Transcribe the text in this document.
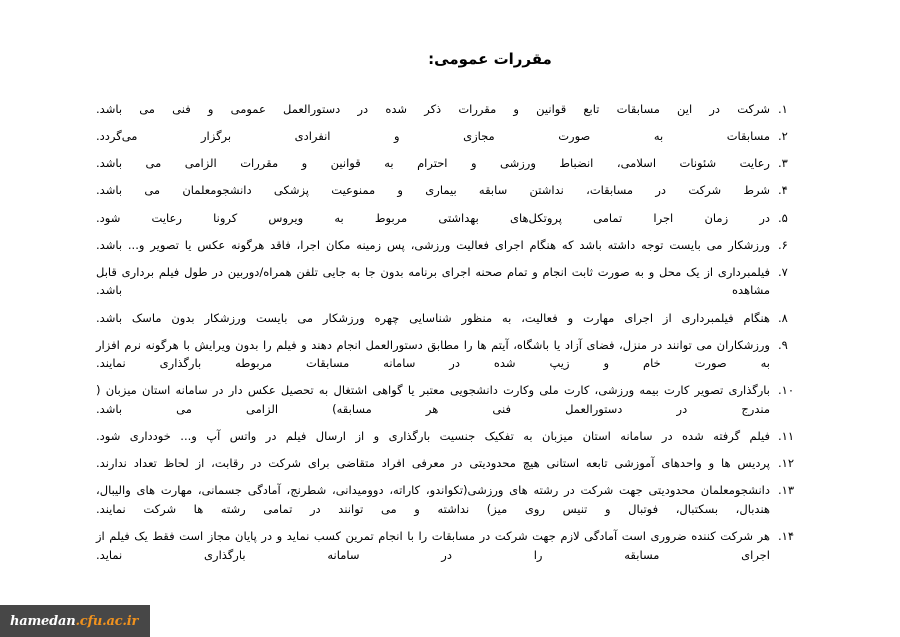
مقررات عمومی:
۱.
شرکت در این مسابقات تابع قوانین و مقررات ذکر شده در دستورالعمل عمومی و فنی می باشد.
۲.
مسابقات به صورت مجازی و انفرادی برگزار می‌گردد.
۳.
رعایت شئونات اسلامی، انضباط ورزشی و احترام به قوانین و مقررات الزامی می باشد.
۴.
شرط شرکت در مسابقات، نداشتن سابقه بیماری و ممنوعیت پزشکی دانشجومعلمان می باشد.
۵.
در زمان اجرا تمامی پروتکل‌های بهداشتی مربوط به ویروس کرونا رعایت شود.
۶.
ورزشکار می بایست توجه داشته باشد که هنگام اجرای فعالیت ورزشی، پس زمینه مکان اجرا، فاقد هرگونه عکس یا تصویر و... باشد.
۷.
فیلمبرداری از یک محل و به صورت ثابت انجام و تمام صحنه اجرای برنامه بدون جا به جایی تلفن همراه/دوربین در طول فیلم برداری قابل مشاهده باشد.
۸.
هنگام فیلمبرداری از اجرای مهارت و فعالیت، به منظور شناسایی چهره ورزشکار می بایست ورزشکار بدون ماسک باشد.
۹.
ورزشکاران می توانند در منزل، فضای آزاد یا باشگاه، آیتم ها را مطابق دستورالعمل انجام دهند و فیلم را بدون ویرایش با هرگونه نرم افزار به صورت خام و زیپ شده در سامانه مسابقات مربوطه بارگذاری نمایند.
۱۰.
بارگذاری تصویر کارت بیمه ورزشی، کارت ملی وکارت دانشجویی معتبر یا گواهی اشتغال به تحصیل عکس دار در سامانه استان میزبان ( مندرج در دستورالعمل فنی هر مسابقه) الزامی می باشد.
۱۱.
فیلم گرفته شده در سامانه استان میزبان به تفکیک جنسیت بارگذاری و از ارسال فیلم در واتس آپ و... خودداری شود.
۱۲.
پردیس ها و واحدهای آموزشی تابعه استانی هیچ محدودیتی در معرفی افراد متقاضی برای شرکت در رقابت، از لحاظ تعداد ندارند.
۱۳.
دانشجومعلمان محدودیتی جهت شرکت در رشته های ورزشی(تکواندو، کاراته، دوومیدانی، شطرنج، آمادگی جسمانی، مهارت های والیبال، هندبال، بسکتبال، فوتبال و تنیس روی میز) نداشته و می توانند در تمامی رشته ها شرکت نمایند.
۱۴.
هر شرکت کننده ضروری است آمادگی لازم جهت شرکت در مسابقات را با انجام تمرین کسب نماید و در پایان مجاز است فقط یک فیلم از اجرای مسابقه را در سامانه بارگذاری نماید.
hamedan.cfu.ac.ir
